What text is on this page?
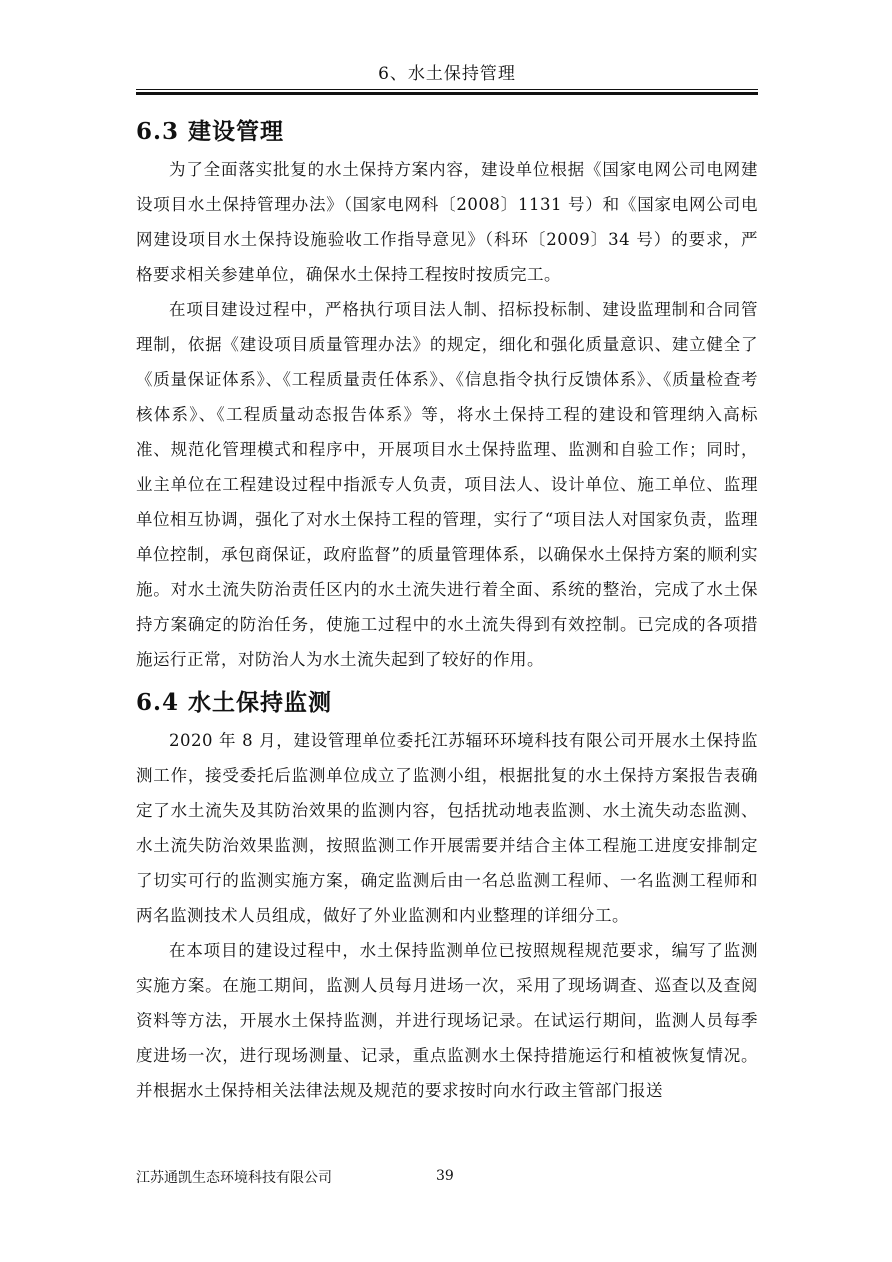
6、水土保持管理
6.3 建设管理

为了全面落实批复的水土保持方案内容，建设单位根据《国家电网公司电网建设项目水土保持管理办法》（国家电网科〔2008〕1131 号）和《国家电网公司电网建设项目水土保持设施验收工作指导意见》（科环〔2009〕34 号）的要求，严格要求相关参建单位，确保水土保持工程按时按质完工。

在项目建设过程中，严格执行项目法人制、招标投标制、建设监理制和合同管理制，依据《建设项目质量管理办法》的规定，细化和强化质量意识、建立健全了《质量保证体系》、《工程质量责任体系》、《信息指令执行反馈体系》、《质量检查考核体系》、《工程质量动态报告体系》等，将水土保持工程的建设和管理纳入高标准、规范化管理模式和程序中，开展项目水土保持监理、监测和自验工作；同时，业主单位在工程建设过程中指派专人负责，项目法人、设计单位、施工单位、监理单位相互协调，强化了对水土保持工程的管理，实行了“项目法人对国家负责，监理单位控制，承包商保证，政府监督”的质量管理体系，以确保水土保持方案的顺利实施。对水土流失防治责任区内的水土流失进行着全面、系统的整治，完成了水土保持方案确定的防治任务，使施工过程中的水土流失得到有效控制。已完成的各项措施运行正常，对防治人为水土流失起到了较好的作用。

6.4 水土保持监测

2020 年 8 月，建设管理单位委托江苏辐环环境科技有限公司开展水土保持监测工作，接受委托后监测单位成立了监测小组，根据批复的水土保持方案报告表确定了水土流失及其防治效果的监测内容，包括扰动地表监测、水土流失动态监测、水土流失防治效果监测，按照监测工作开展需要并结合主体工程施工进度安排制定了切实可行的监测实施方案，确定监测后由一名总监测工程师、一名监测工程师和两名监测技术人员组成，做好了外业监测和内业整理的详细分工。

在本项目的建设过程中，水土保持监测单位已按照规程规范要求，编写了监测实施方案。在施工期间，监测人员每月进场一次，采用了现场调查、巡查以及查阅资料等方法，开展水土保持监测，并进行现场记录。在试运行期间，监测人员每季度进场一次，进行现场测量、记录，重点监测水土保持措施运行和植被恢复情况。并根据水土保持相关法律法规及规范的要求按时向水行政主管部门报送

江苏通凯生态环境科技有限公司	39
